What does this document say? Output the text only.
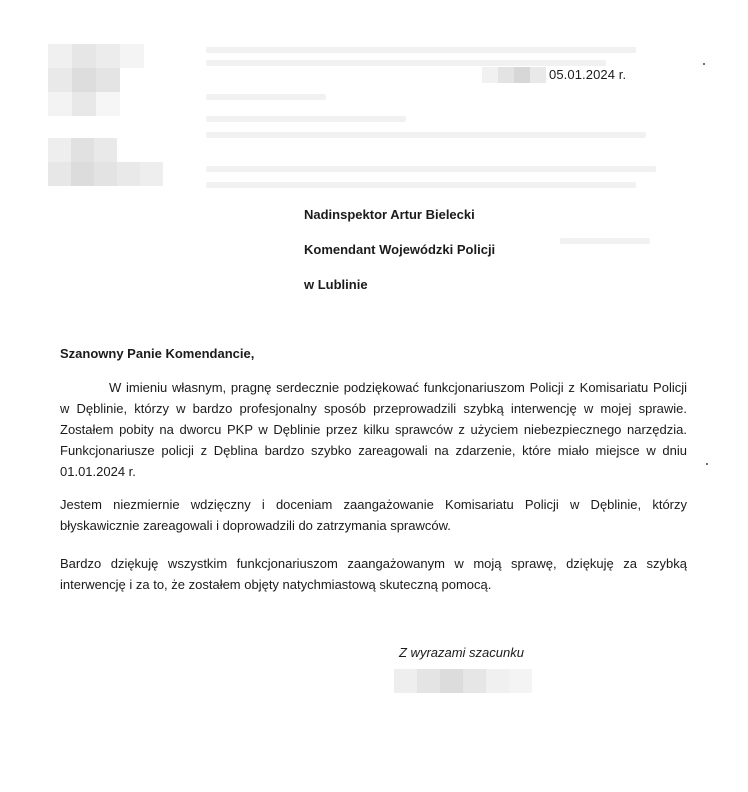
05.01.2024 r.
Nadinspektor Artur Bielecki
Komendant Wojewódzki Policji
w Lublinie
Szanowny Panie Komendancie,
W imieniu własnym, pragnę serdecznie podziękować funkcjonariuszom Policji z Komisariatu Policji w Dęblinie, którzy w bardzo profesjonalny sposób przeprowadzili szybką interwencję w mojej sprawie. Zostałem pobity na dworcu PKP w Dęblinie przez kilku sprawców z użyciem niebezpiecznego narzędzia. Funkcjonariusze policji z Dęblina bardzo szybko zareagowali na zdarzenie, które miało miejsce w dniu 01.01.2024 r.
Jestem niezmiernie wdzięczny i doceniam zaangażowanie Komisariatu Policji w Dęblinie, którzy błyskawicznie zareagowali i doprowadzili do zatrzymania sprawców.
Bardzo dziękuję wszystkim funkcjonariuszom zaangażowanym w moją sprawę, dziękuję za szybką interwencję i za to, że zostałem objęty natychmiastową skuteczną pomocą.
Z wyrazami szacunku
